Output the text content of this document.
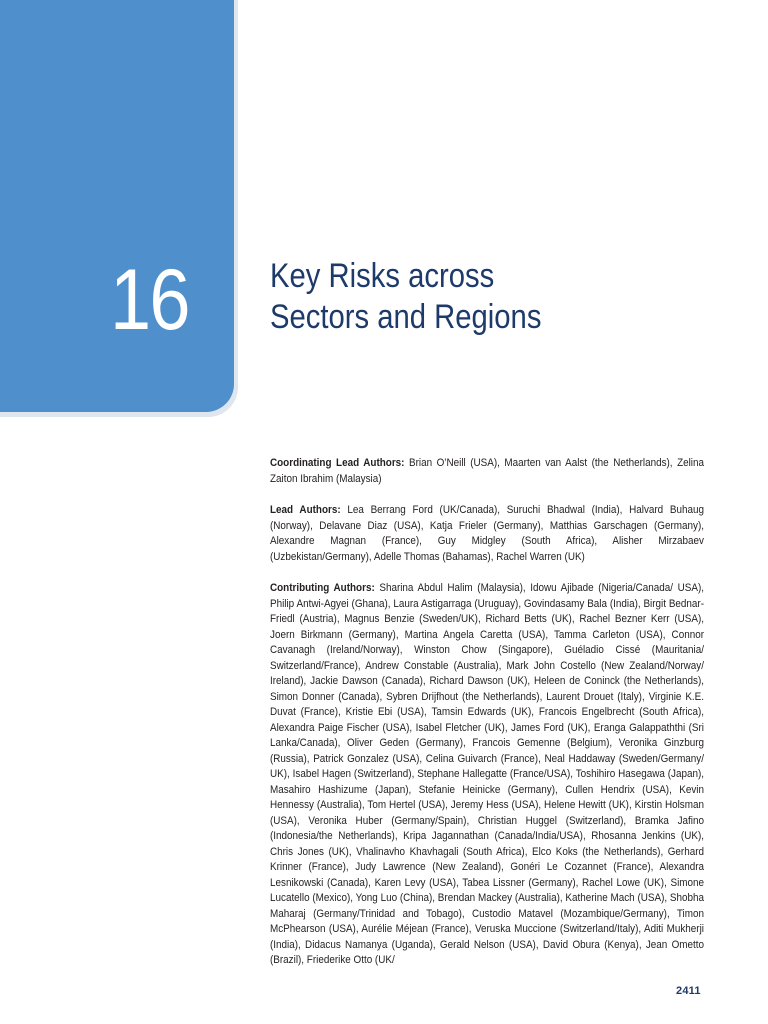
16 Key Risks across
Sectors and Regions

Coordinating Lead Authors: Brian O’Neill (USA), Maarten van Aalst (the Netherlands), Zelina Zaiton Ibrahim (Malaysia)

Lead Authors: Lea Berrang Ford (UK/Canada), Suruchi Bhadwal (India), Halvard Buhaug (Norway), Delavane Diaz (USA), Katja Frieler (Germany), Matthias Garschagen (Germany), Alexandre Magnan (France), Guy Midgley (South Africa), Alisher Mirzabaev (Uzbekistan/Germany), Adelle Thomas (Bahamas), Rachel Warren (UK)

Contributing Authors: Sharina Abdul Halim (Malaysia), Idowu Ajibade (Nigeria/Canada/ USA), Philip Antwi-Agyei (Ghana), Laura Astigarraga (Uruguay), Govindasamy Bala (India), Birgit Bednar-Friedl (Austria), Magnus Benzie (Sweden/UK), Richard Betts (UK), Rachel Bezner Kerr (USA), Joern Birkmann (Germany), Martina Angela Caretta (USA), Tamma Carleton (USA), Connor Cavanagh (Ireland/Norway), Winston Chow (Singapore), Guéladio Cissé (Mauritania/ Switzerland/France), Andrew Constable (Australia), Mark John Costello (New Zealand/Norway/ Ireland), Jackie Dawson (Canada), Richard Dawson (UK), Heleen de Coninck (the Netherlands), Simon Donner (Canada), Sybren Drijfhout (the Netherlands), Laurent Drouet (Italy), Virginie K.E. Duvat (France), Kristie Ebi (USA), Tamsin Edwards (UK), Francois Engelbrecht (South Africa), Alexandra Paige Fischer (USA), Isabel Fletcher (UK), James Ford (UK), Eranga Galappaththi (Sri Lanka/Canada), Oliver Geden (Germany), Francois Gemenne (Belgium), Veronika Ginzburg (Russia), Patrick Gonzalez (USA), Celina Guivarch (France), Neal Haddaway (Sweden/Germany/ UK), Isabel Hagen (Switzerland), Stephane Hallegatte (France/USA), Toshihiro Hasegawa (Japan), Masahiro Hashizume (Japan), Stefanie Heinicke (Germany), Cullen Hendrix (USA), Kevin Hennessy (Australia), Tom Hertel (USA), Jeremy Hess (USA), Helene Hewitt (UK), Kirstin Holsman (USA), Veronika Huber (Germany/Spain), Christian Huggel (Switzerland), Bramka Jafino (Indonesia/the Netherlands), Kripa Jagannathan (Canada/India/USA), Rhosanna Jenkins (UK), Chris Jones (UK), Vhalinavho Khavhagali (South Africa), Elco Koks (the Netherlands), Gerhard Krinner (France), Judy Lawrence (New Zealand), Gonéri Le Cozannet (France), Alexandra Lesnikowski (Canada), Karen Levy (USA), Tabea Lissner (Germany), Rachel Lowe (UK), Simone Lucatello (Mexico), Yong Luo (China), Brendan Mackey (Australia), Katherine Mach (USA), Shobha Maharaj (Germany/Trinidad and Tobago), Custodio Matavel (Mozambique/Germany), Timon McPhearson (USA), Aurélie Méjean (France), Veruska Muccione (Switzerland/Italy), Aditi Mukherji (India), Didacus Namanya (Uganda), Gerald Nelson (USA), David Obura (Kenya), Jean Ometto (Brazil), Friederike Otto (UK/

2411
